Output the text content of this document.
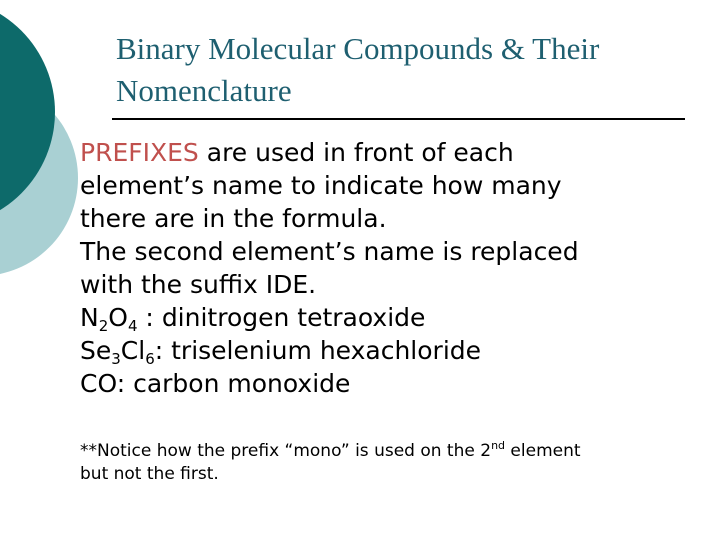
Binary Molecular Compounds & Their
Nomenclature
PREFIXES are used in front of each
element’s name to indicate how many
there are in the formula.
The second element’s name is replaced
with the suffix IDE.
$N_2O_4$ : dinitrogen tetraoxide
$Se_3Cl_6$: triselenium hexachloride
CO: carbon monoxide
**Notice how the prefix “mono” is used on the 2nd element
but not the first.
